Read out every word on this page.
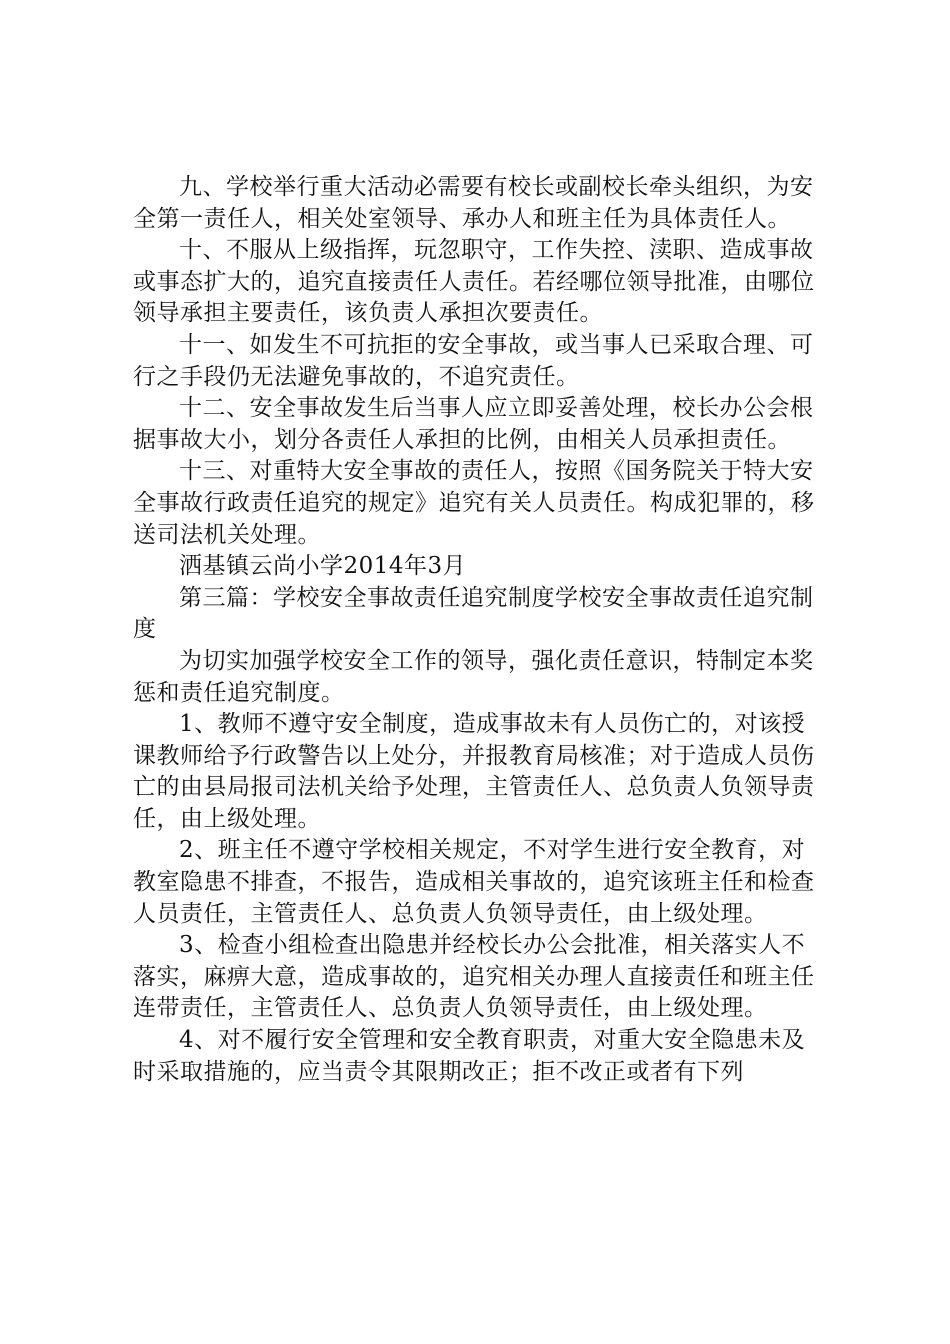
九、学校举行重大活动必需要有校长或副校长牵头组织，为安全第一责任人，相关处室领导、承办人和班主任为具体责任人。

十、不服从上级指挥，玩忽职守，工作失控、渎职、造成事故或事态扩大的，追究直接责任人责任。若经哪位领导批准，由哪位领导承担主要责任，该负责人承担次要责任。

十一、如发生不可抗拒的安全事故，或当事人已采取合理、可行之手段仍无法避免事故的，不追究责任。

十二、安全事故发生后当事人应立即妥善处理，校长办公会根据事故大小，划分各责任人承担的比例，由相关人员承担责任。

十三、对重特大安全事故的责任人，按照《国务院关于特大安全事故行政责任追究的规定》追究有关人员责任。构成犯罪的，移送司法机关处理。

洒基镇云尚小学2014年3月

第三篇：学校安全事故责任追究制度学校安全事故责任追究制度

为切实加强学校安全工作的领导，强化责任意识，特制定本奖惩和责任追究制度。

1、教师不遵守安全制度，造成事故未有人员伤亡的，对该授课教师给予行政警告以上处分，并报教育局核准；对于造成人员伤亡的由县局报司法机关给予处理，主管责任人、总负责人负领导责任，由上级处理。

2、班主任不遵守学校相关规定，不对学生进行安全教育，对教室隐患不排查，不报告，造成相关事故的，追究该班主任和检查人员责任，主管责任人、总负责人负领导责任，由上级处理。

3、检查小组检查出隐患并经校长办公会批准，相关落实人不落实，麻痹大意，造成事故的，追究相关办理人直接责任和班主任连带责任，主管责任人、总负责人负领导责任，由上级处理。

4、对不履行安全管理和安全教育职责，对重大安全隐患未及时采取措施的，应当责令其限期改正；拒不改正或者有下列
